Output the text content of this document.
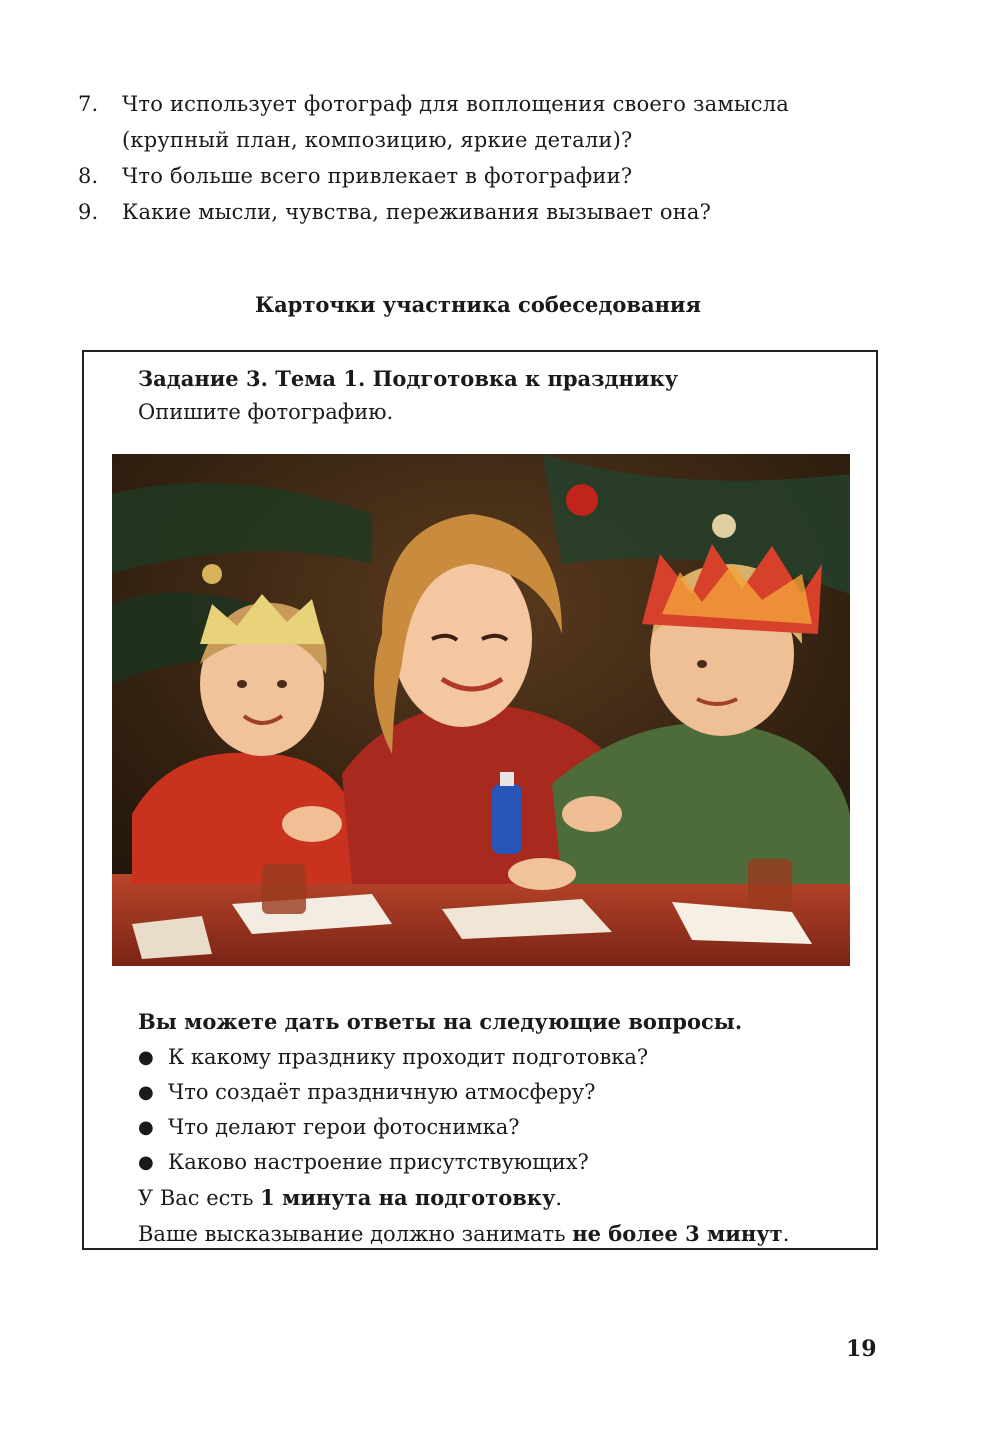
7.	Что использует фотограф для воплощения своего замысла (крупный план, композицию, яркие детали)?
8.	Что больше всего привлекает в фотографии?
9.	Какие мысли, чувства, переживания вызывает она?
Карточки участника собеседования
Задание 3. Тема 1. Подготовка к празднику
Опишите фотографию.
Вы можете дать ответы на следующие вопросы.
● К какому празднику проходит подготовка?
● Что создаёт праздничную атмосферу?
● Что делают герои фотоснимка?
● Каково настроение присутствующих?
У Вас есть 1 минута на подготовку.
Ваше высказывание должно занимать не более 3 минут.
19
